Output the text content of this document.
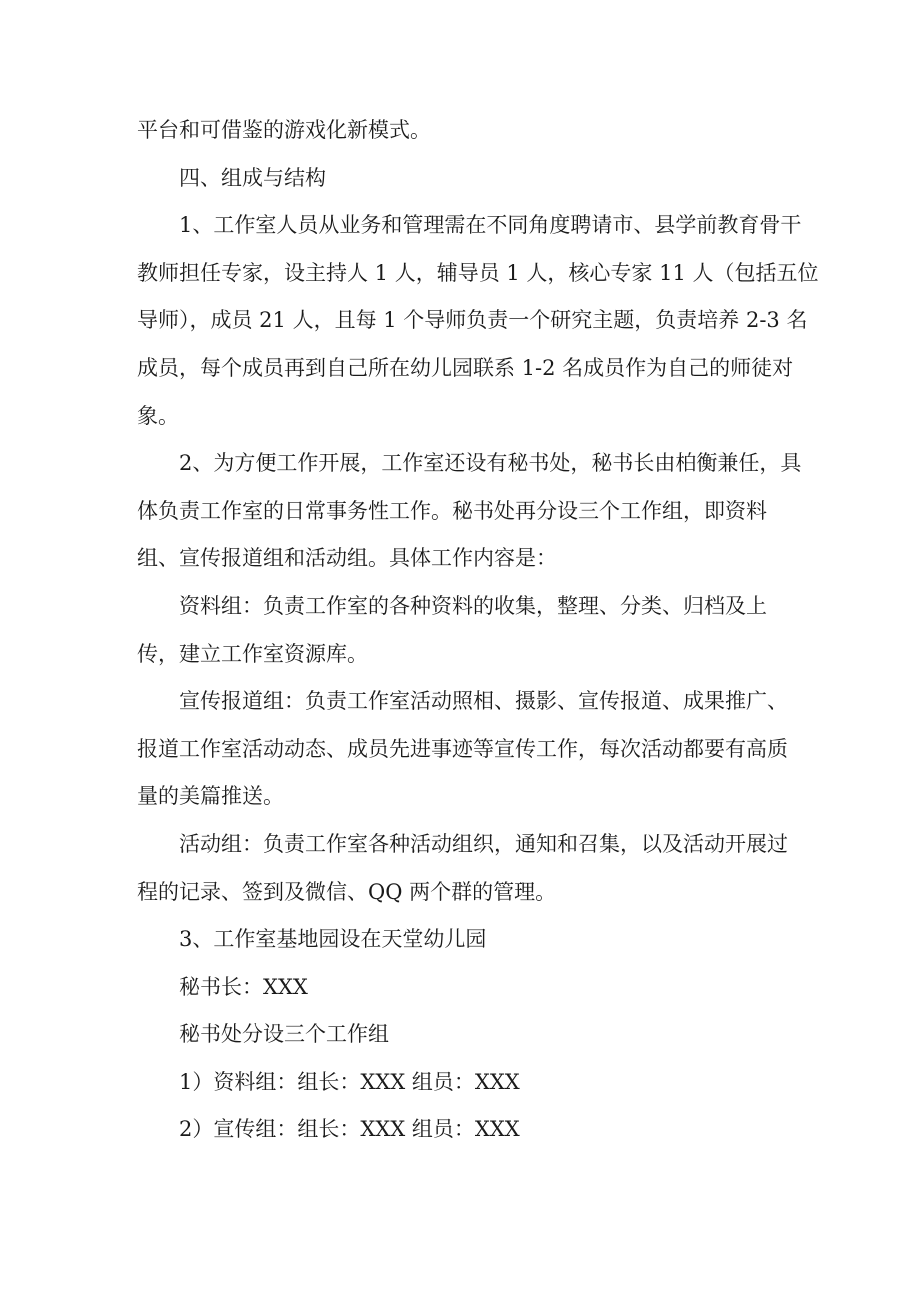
平台和可借鉴的游戏化新模式。
四、组成与结构
1、工作室人员从业务和管理需在不同角度聘请市、县学前教育骨干
教师担任专家，设主持人 1 人，辅导员 1 人，核心专家 11 人（包括五位
导师），成员 21 人，且每 1 个导师负责一个研究主题，负责培养 2-3 名
成员，每个成员再到自己所在幼儿园联系 1-2 名成员作为自己的师徒对
象。
2、为方便工作开展，工作室还设有秘书处，秘书长由柏衡兼任，具
体负责工作室的日常事务性工作。秘书处再分设三个工作组，即资料
组、宣传报道组和活动组。具体工作内容是：
资料组：负责工作室的各种资料的收集，整理、分类、归档及上
传，建立工作室资源库。
宣传报道组：负责工作室活动照相、摄影、宣传报道、成果推广、
报道工作室活动动态、成员先进事迹等宣传工作，每次活动都要有高质
量的美篇推送。
活动组：负责工作室各种活动组织，通知和召集，以及活动开展过
程的记录、签到及微信、QQ 两个群的管理。
3、工作室基地园设在天堂幼儿园
秘书长：XXX
秘书处分设三个工作组
1）资料组：组长：XXX 组员：XXX
2）宣传组：组长：XXX 组员：XXX
